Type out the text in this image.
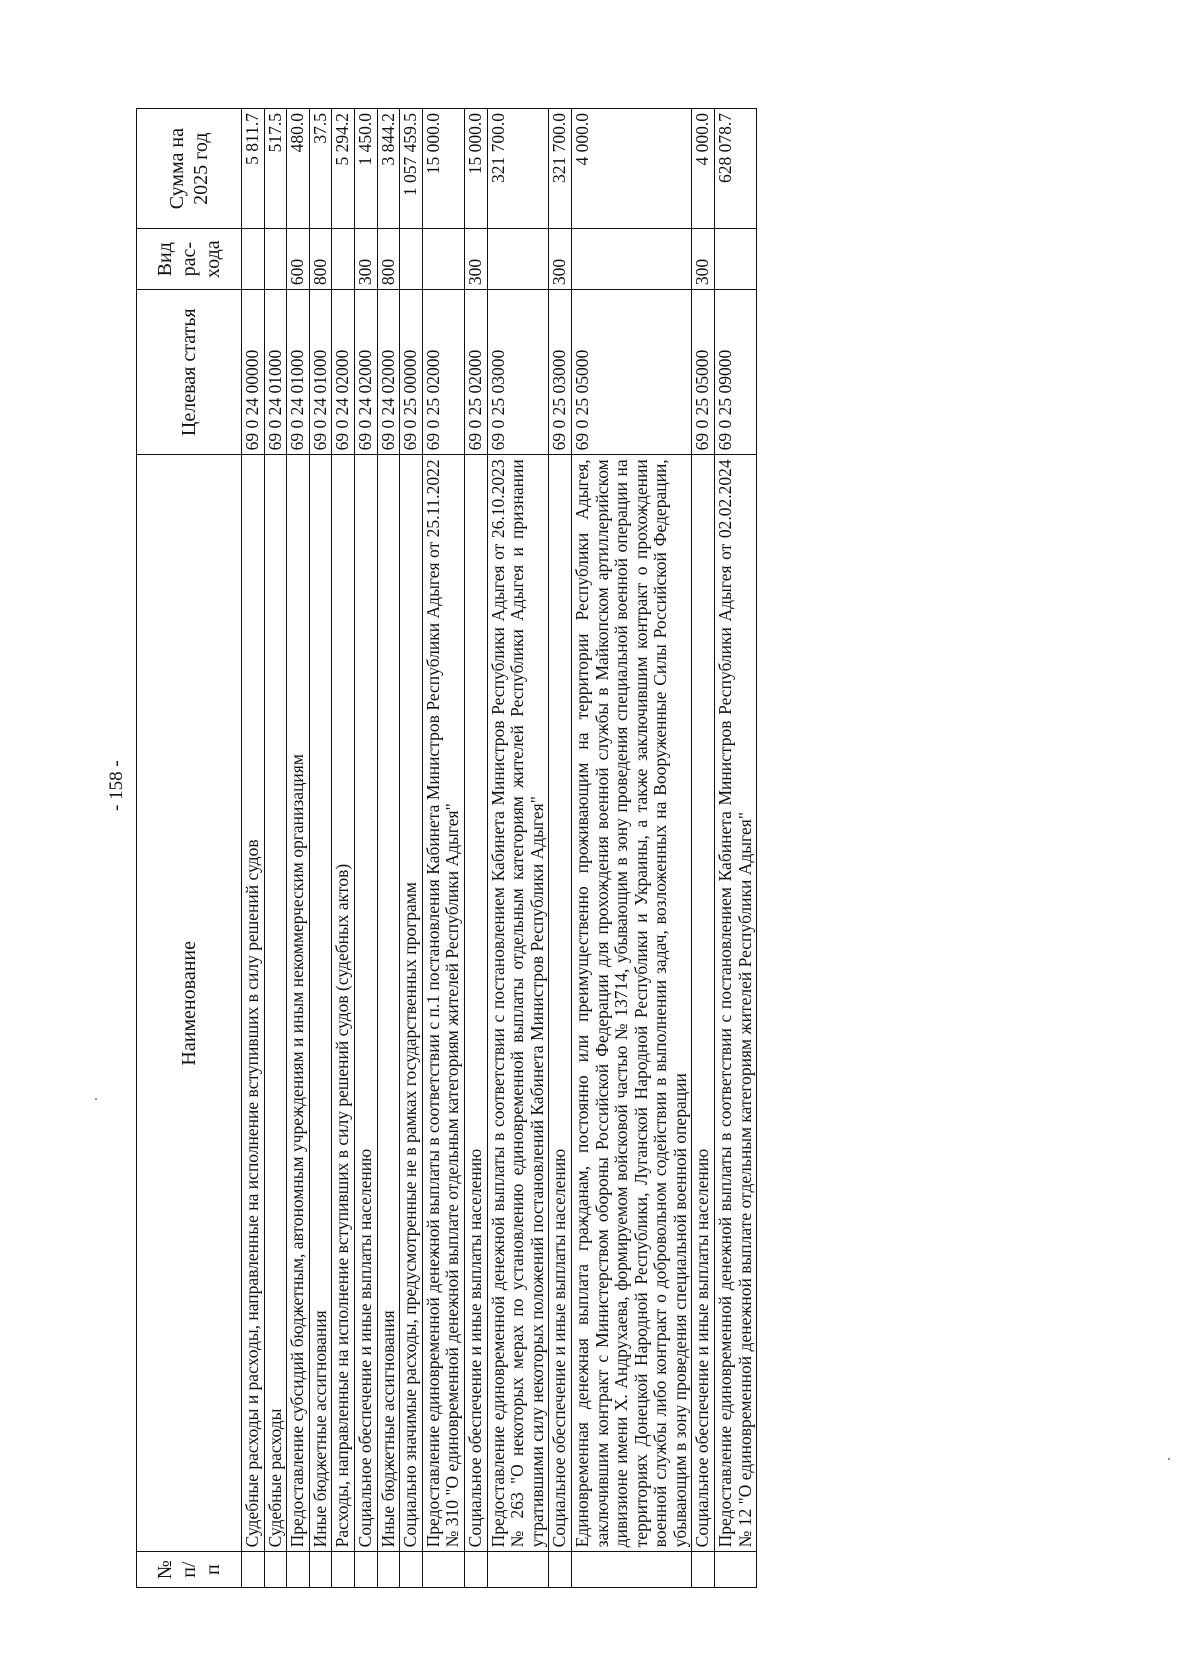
- 158 -
№ п/п	Наименование	Целевая статья	Вид рас-хода	Сумма на 2025 год
	Судебные расходы и расходы, направленные на исполнение вступивших в силу решений судов	69 0 24 00000		5 811.7
	Судебные расходы	69 0 24 01000		517.5
	Предоставление субсидий бюджетным, автономным учреждениям и иным некоммерческим организациям	69 0 24 01000	600	480.0
	Иные бюджетные ассигнования	69 0 24 01000	800	37.5
	Расходы, направленные на исполнение вступивших в силу решений судов (судебных актов)	69 0 24 02000		5 294.2
	Социальное обеспечение и иные выплаты населению	69 0 24 02000	300	1 450.0
	Иные бюджетные ассигнования	69 0 24 02000	800	3 844.2
	Социально значимые расходы, предусмотренные не в рамках государственных программ	69 0 25 00000		1 057 459.5
	Предоставление единовременной денежной выплаты в соответствии с п.1 постановления Кабинета Министров Республики Адыгея от 25.11.2022 № 310 "О единовременной денежной выплате отдельным категориям жителей Республики Адыгея"	69 0 25 02000		15 000.0
	Социальное обеспечение и иные выплаты населению	69 0 25 02000	300	15 000.0
	Предоставление единовременной денежной выплаты в соответствии с постановлением Кабинета Министров Республики Адыгея от 26.10.2023 № 263 "О некоторых мерах по установлению единовременной выплаты отдельным категориям жителей Республики Адыгея и признании утратившими силу некоторых положений постановлений Кабинета Министров Республики Адыгея"	69 0 25 03000		321 700.0
	Социальное обеспечение и иные выплаты населению	69 0 25 03000	300	321 700.0
	Единовременная денежная выплата гражданам, постоянно или преимущественно проживающим на территории Республики Адыгея, заключившим контракт с Министерством обороны Российской Федерации для прохождения военной службы в Майкопском артиллерийском дивизионе имени Х. Андрухаева, формируемом войсковой частью № 13714, убывающим в зону проведения специальной военной операции на территориях Донецкой Народной Республики, Луганской Народной Республики и Украины, а также заключившим контракт о прохождении военной службы либо контракт о добровольном содействии в выполнении задач, возложенных на Вооруженные Силы Российской Федерации, убывающим в зону проведения специальной военной операции	69 0 25 05000		4 000.0
	Социальное обеспечение и иные выплаты населению	69 0 25 05000	300	4 000.0
	Предоставление единовременной денежной выплаты в соответствии с постановлением Кабинета Министров Республики Адыгея от 02.02.2024 № 12 "О единовременной денежной выплате отдельным категориям жителей Республики Адыгея"	69 0 25 09000		628 078.7
